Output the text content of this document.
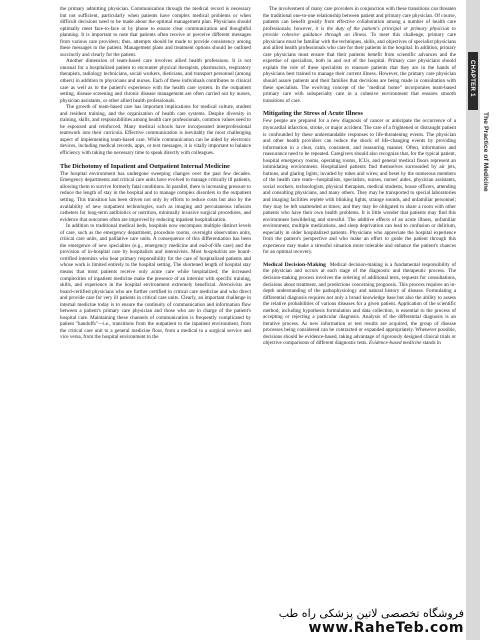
the primary admitting physician. Communication through the medical record is necessary but not sufficient, particularly when patients have complex medical problems or when difficult decisions need to be made about the optimal management plan. Physicians should optimally meet face-to-face or by phone to ensure clear communication and thoughtful planning. It is important to note that patients often receive or perceive different messages from various care providers; thus, attempts should be made to provide consistency among these messages to the patient. Management plans and treatment options should be outlined succinctly and clearly for the patient.

Another dimension of team-based care involves allied health professions. It is not unusual for a hospitalized patient to encounter physical therapists, pharmacists, respiratory therapists, radiology technicians, social workers, dieticians, and transport personnel (among others) in addition to physicians and nurses. Each of these individuals contributes to clinical care as well as to the patient's experience with the health care system. In the outpatient setting, disease screening and chronic disease management are often carried out by nurses, physician assistants, or other allied health professionals.

The growth of team-based care has important implications for medical culture, student and resident training, and the organization of health care systems. Despite diversity in training, skills, and responsibilities among health care professionals, common values need to be espoused and reinforced. Many medical schools have incorporated interprofessional teamwork into their curricula. Effective communication is inevitably the most challenging aspect of implementing team-based care. While communication can be aided by electronic devices, including medical records, apps, or text messages, it is vitally important to balance efficiency with taking the necessary time to speak directly with colleagues.

The Dichotomy of Inpatient and Outpatient Internal Medicine

The hospital environment has undergone sweeping changes over the past few decades. Emergency departments and critical care units have evolved to manage critically ill patients, allowing them to survive formerly fatal conditions. In parallel, there is increasing pressure to reduce the length of stay in the hospital and to manage complex disorders in the outpatient setting. This transition has been driven not only by efforts to reduce costs but also by the availability of new outpatient technologies, such as imaging and percutaneous infusion catheters for long-term antibiotics or nutrition, minimally invasive surgical procedures, and evidence that outcomes often are improved by reducing inpatient hospitalization.

In addition to traditional medical beds, hospitals now encompass multiple distinct levels of care, such as the emergency department, procedure rooms, overnight observation units, critical care units, and palliative care units. A consequence of this differentiation has been the emergence of new specialties (e.g., emergency medicine and end-of-life care) and the provision of in-hospital care by hospitalists and intensivists. Most hospitalists are board-certified internists who bear primary responsibility for the care of hospitalized patients and whose work is limited entirely to the hospital setting. The shortened length of hospital stay means that most patients receive only acute care while hospitalized; the increased complexities of inpatient medicine make the presence of an internist with specific training, skills, and experience in the hospital environment extremely beneficial. Intensivists are board-certified physicians who are further certified in critical care medicine and who direct and provide care for very ill patients in critical care units. Clearly, an important challenge in internal medicine today is to ensure the continuity of communication and information flow between a patient's primary care physician and those who are in charge of the patient's hospital care. Maintaining these channels of communication is frequently complicated by patient "handoffs"—i.e., transitions from the outpatient to the inpatient environment, from the critical care unit to a general medicine floor, from a medical to a surgical service and vice versa, from the hospital environment to the

The involvement of many care providers in conjunction with these transitions can threaten the traditional one-to-one relationship between patient and primary care physician. Of course, patients can benefit greatly from effective collaboration among a number of health care professionals; however, it is the duty of the patient's principal or primary physician to provide cohesive guidance through an illness. To meet this challenge, primary care physicians must be familiar with the techniques, skills, and objectives of specialist physicians and allied health professionals who care for their patients in the hospital. In addition, primary care physicians must ensure that their patients benefit from scientific advances and the expertise of specialists, both in and out of the hospital. Primary care physicians should explain the role of these specialists to reassure patients that they are in the hands of physicians best trained to manage their current illness. However, the primary care physician should assure patients and their families that decisions are being made in consultation with these specialists. The evolving concept of the "medical home" incorporates team-based primary care with subspecialty care in a cohesive environment that ensures smooth transitions of care.

Mitigating the Stress of Acute Illness

Few people are prepared for a new diagnosis of cancer or anticipate the occurrence of a myocardial infarction, stroke, or major accident. The care of a frightened or distraught patient is confounded by these understandable responses to life-threatening events. The physician and other health providers can reduce the shock of life-changing events by providing information in a clear, calm, consistent, and reassuring manner. Often, information and reassurance need to be repeated. Caregivers should also recognize that, for the typical patient, hospital emergency rooms, operating rooms, ICUs, and general medical floors represent an intimidating environment. Hospitalized patients find themselves surrounded by air jets, buttons, and glaring lights; invaded by tubes and wires; and beset by the numerous members of the health care team—hospitalists, specialists, nurses, nurses' aides, physician assistants, social workers, technologists, physical therapists, medical students, house officers, attending and consulting physicians, and many others. They may be transported to special laboratories and imaging facilities replete with blinking lights, strange sounds, and unfamiliar personnel; they may be left unattended at times; and they may be obligated to share a room with other patients who have their own health problems. It is little wonder that patients may find this environment bewildering and stressful. The additive effects of an acute illness, unfamiliar environment, multiple medications, and sleep deprivation can lead to confusion or delirium, especially in older hospitalized patients. Physicians who appreciate the hospital experience from the patient's perspective and who make an effort to guide the patient through this experience may make a stressful situation more tolerable and enhance the patient's chances for an optimal recovery.

Medical Decision-Making Medical decision-making is a fundamental responsibility of the physician and occurs at each stage of the diagnostic and therapeutic process. The decision-making process involves the ordering of additional tests, requests for consultations, decisions about treatment, and predictions concerning prognosis. This process requires an in-depth understanding of the pathophysiology and natural history of disease. Formulating a differential diagnosis requires not only a broad knowledge base but also the ability to assess the relative probabilities of various diseases for a given patient. Application of the scientific method, including hypothesis formulation and data collection, is essential to the process of accepting or rejecting a particular diagnosis. Analysis of the differential diagnosis is an iterative process. As new information or test results are acquired, the group of disease processes being considered can be contracted or expanded appropriately. Whenever possible, decisions should be evidence-based, taking advantage of rigorously designed clinical trials or objective comparisons of different diagnostic tests. Evidence-based medicine stands in

CHAPTER 1
The Practice of Medicine
فروشگاه تخصصی لاتین پزشکی راه طب
www.RaheTeb.com
